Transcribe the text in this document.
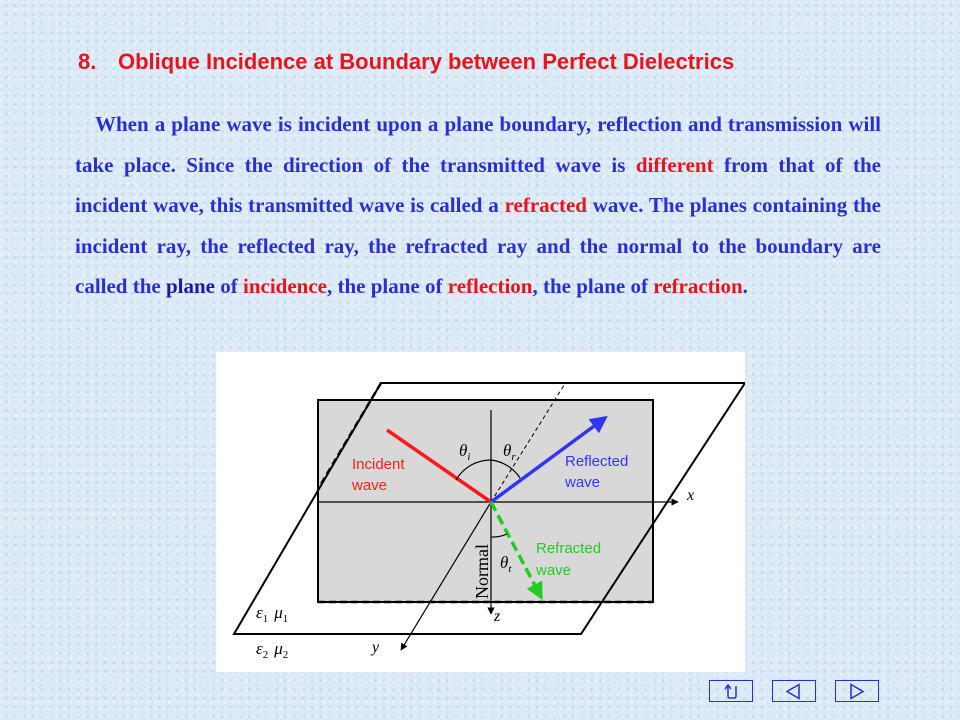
8. Oblique Incidence at Boundary between Perfect Dielectrics

When a plane wave is incident upon a plane boundary, reflection and transmission will take place. Since the direction of the transmitted wave is different from that of the incident wave, this transmitted wave is called a refracted wave. The planes containing the incident ray, the reflected ray, the refracted ray and the normal to the boundary are called the plane of incidence, the plane of reflection, the plane of refraction.

$\theta_i$ $\theta_r$
$\theta_t$
x
y
z
Normal
$\varepsilon_1$ $\mu_1$
$\varepsilon_2$ $\mu_2$
Incident
wave
Reflected
wave
Refracted
wave
